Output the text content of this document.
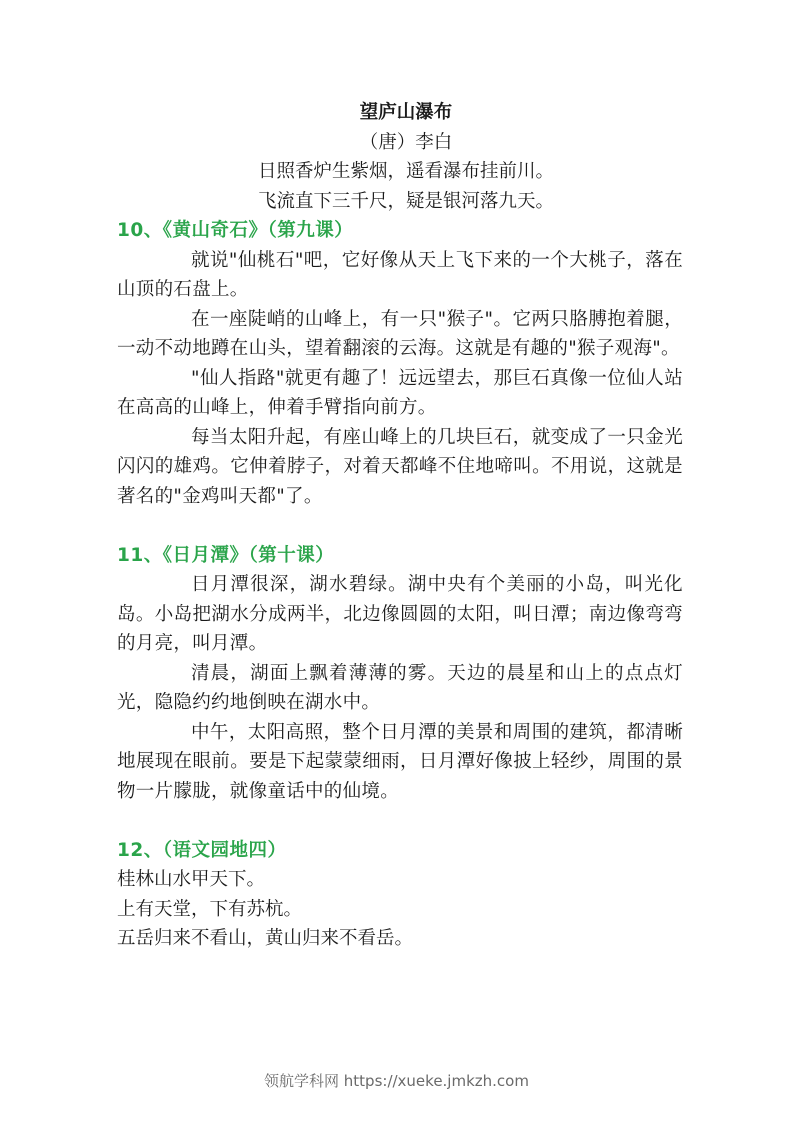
望庐山瀑布
（唐）李白
日照香炉生紫烟，遥看瀑布挂前川。
飞流直下三千尺，疑是银河落九天。
10、《黄山奇石》（第九课）
就说"仙桃石"吧，它好像从天上飞下来的一个大桃子，落在山顶的石盘上。
在一座陡峭的山峰上，有一只"猴子"。它两只胳膊抱着腿，一动不动地蹲在山头，望着翻滚的云海。这就是有趣的"猴子观海"。
"仙人指路"就更有趣了！远远望去，那巨石真像一位仙人站在高高的山峰上，伸着手臂指向前方。
每当太阳升起，有座山峰上的几块巨石，就变成了一只金光闪闪的雄鸡。它伸着脖子，对着天都峰不住地啼叫。不用说，这就是著名的"金鸡叫天都"了。
11、《日月潭》（第十课）
日月潭很深，湖水碧绿。湖中央有个美丽的小岛，叫光化岛。小岛把湖水分成两半，北边像圆圆的太阳，叫日潭；南边像弯弯的月亮，叫月潭。
清晨，湖面上飘着薄薄的雾。天边的晨星和山上的点点灯光，隐隐约约地倒映在湖水中。
中午，太阳高照，整个日月潭的美景和周围的建筑，都清晰地展现在眼前。要是下起蒙蒙细雨，日月潭好像披上轻纱，周围的景物一片朦胧，就像童话中的仙境。
12、（语文园地四）
桂林山水甲天下。
上有天堂，下有苏杭。
五岳归来不看山，黄山归来不看岳。
领航学科网 https://xueke.jmkzh.com
